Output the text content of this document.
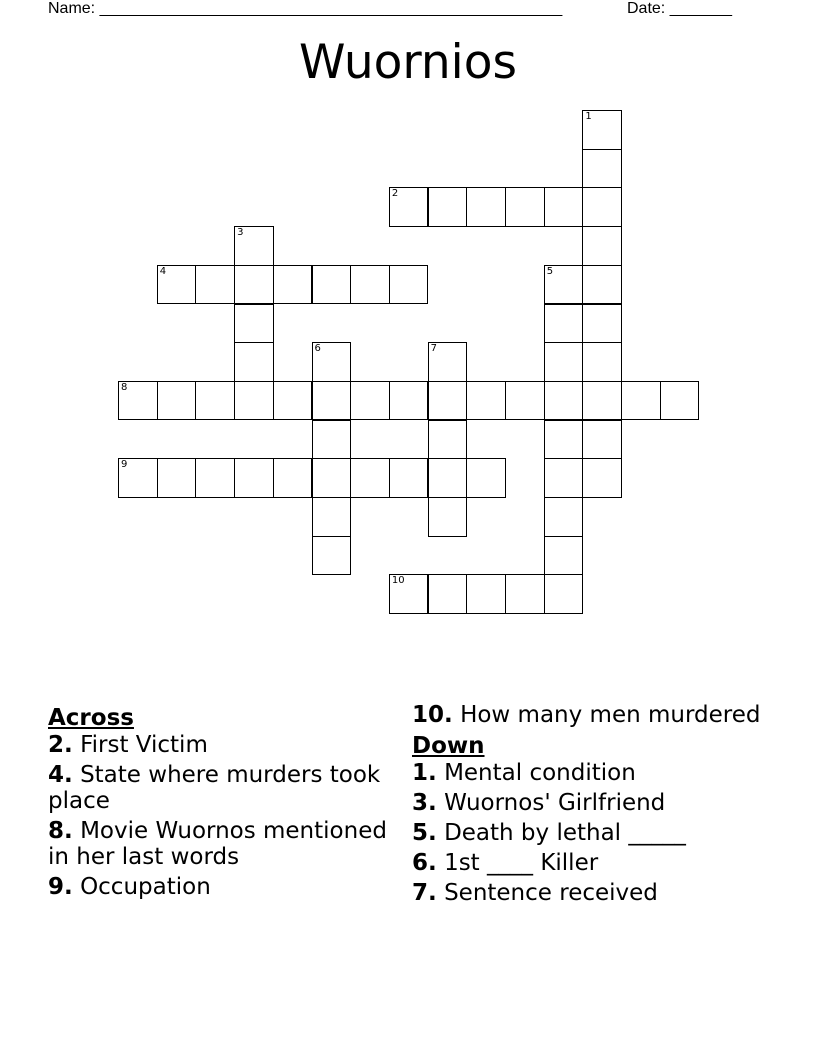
Name: ____________________________________________________	Date: _______
Wuornios
1
2
3
4	5
6	7
8
9
10
Across
2. First Victim
4. State where murders took place
8. Movie Wuornos mentioned in her last words
9. Occupation
10. How many men murdered
Down
1. Mental condition
3. Wuornos' Girlfriend
5. Death by lethal _____
6. 1st ____ Killer
7. Sentence received
